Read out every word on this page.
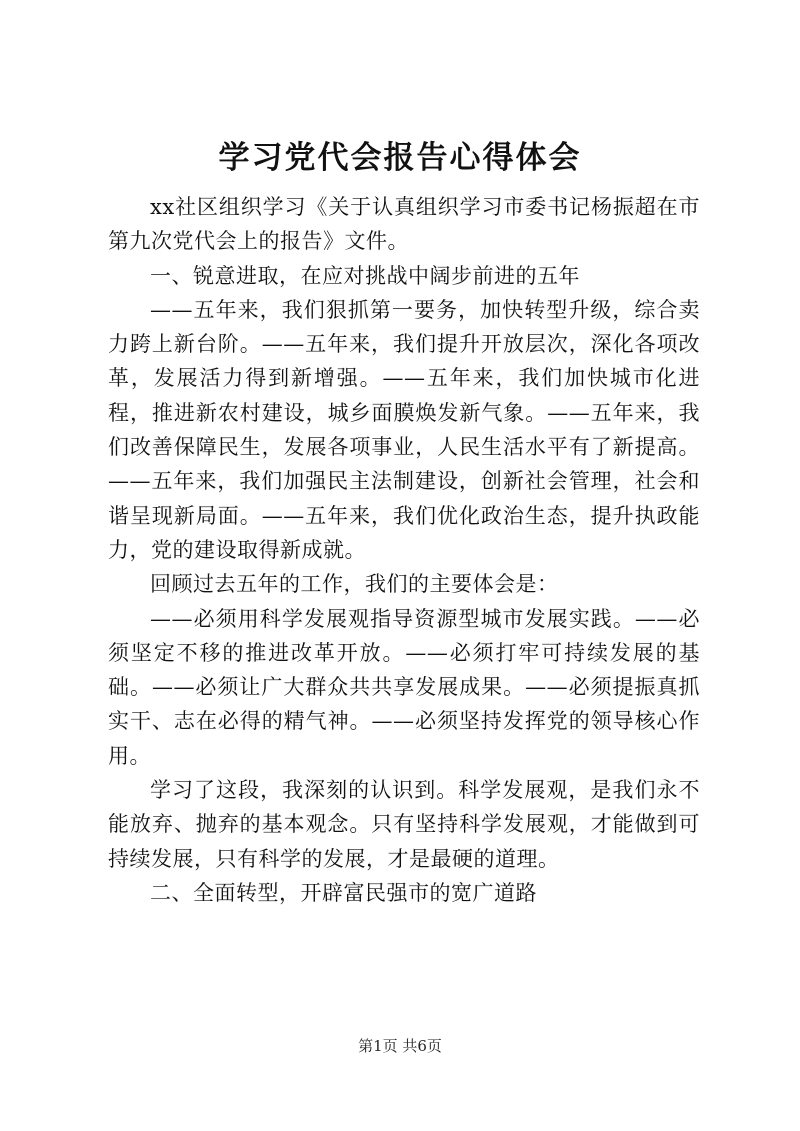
学习党代会报告心得体会

xx社区组织学习《关于认真组织学习市委书记杨振超在市第九次党代会上的报告》文件。

一、锐意进取，在应对挑战中阔步前进的五年

——五年来，我们狠抓第一要务，加快转型升级，综合卖力跨上新台阶。——五年来，我们提升开放层次，深化各项改革，发展活力得到新增强。——五年来，我们加快城市化进程，推进新农村建设，城乡面膜焕发新气象。——五年来，我们改善保障民生，发展各项事业，人民生活水平有了新提高。——五年来，我们加强民主法制建设，创新社会管理，社会和谐呈现新局面。——五年来，我们优化政治生态，提升执政能力，党的建设取得新成就。

回顾过去五年的工作，我们的主要体会是：

——必须用科学发展观指导资源型城市发展实践。——必须坚定不移的推进改革开放。——必须打牢可持续发展的基础。——必须让广大群众共共享发展成果。——必须提振真抓实干、志在必得的精气神。——必须坚持发挥党的领导核心作用。

学习了这段，我深刻的认识到。科学发展观，是我们永不能放弃、抛弃的基本观念。只有坚持科学发展观，才能做到可持续发展，只有科学的发展，才是最硬的道理。

二、全面转型，开辟富民强市的宽广道路

第1页 共6页
